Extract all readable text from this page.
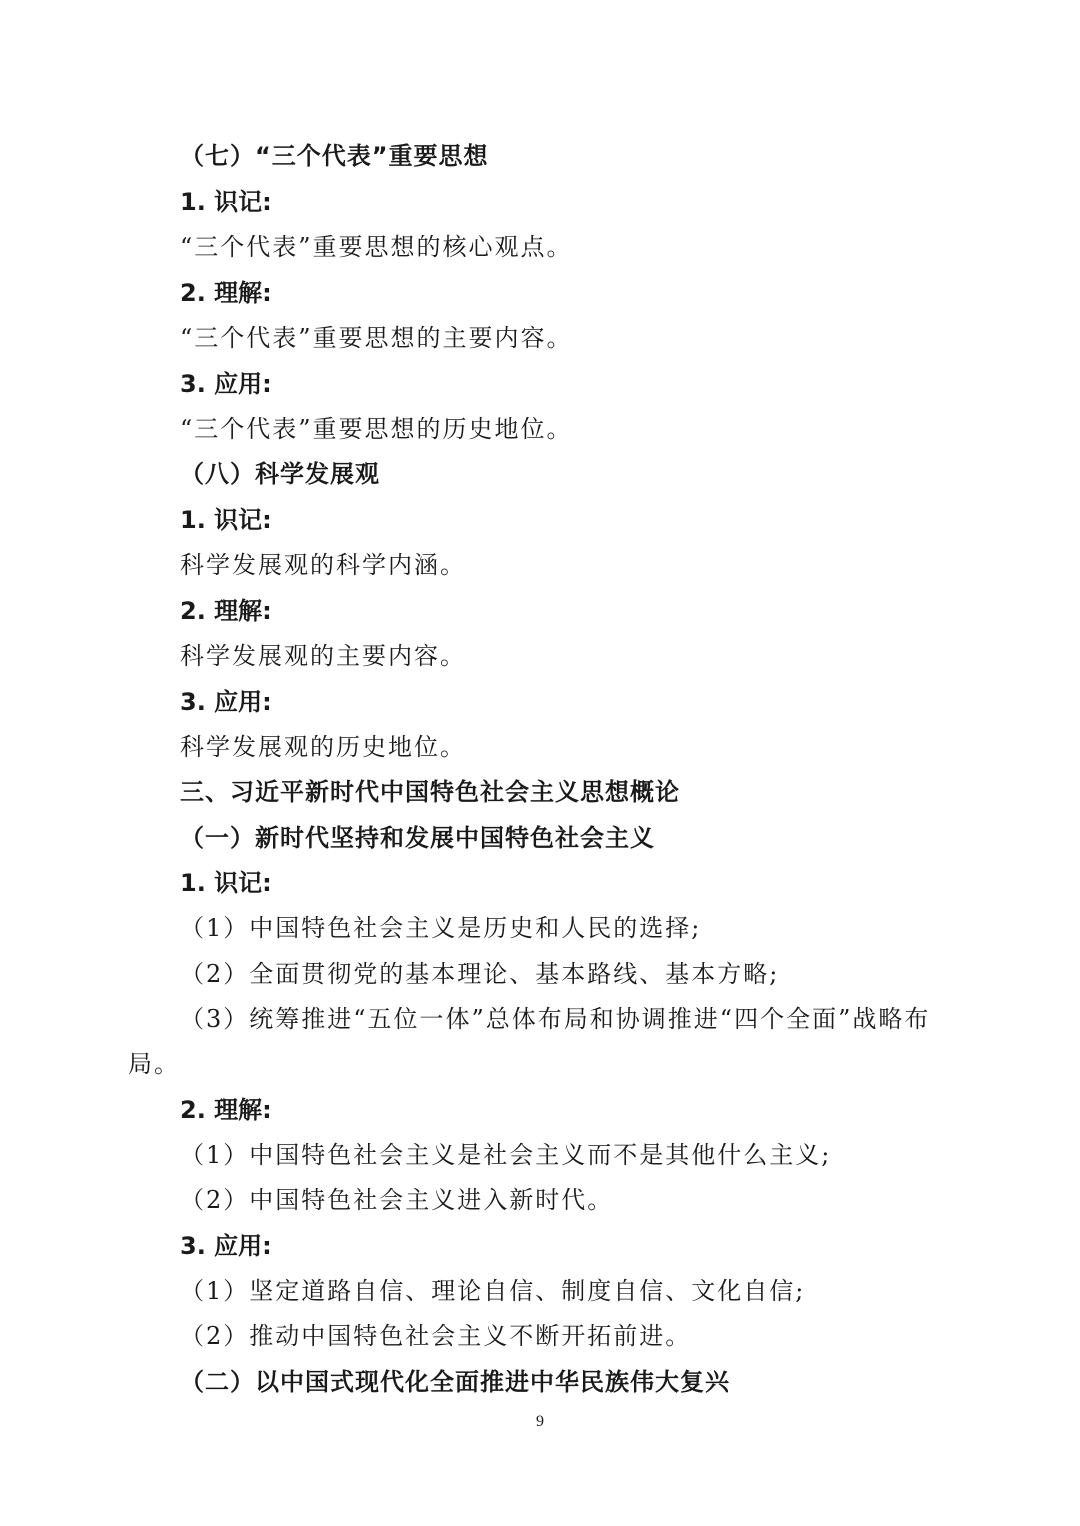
（七）“三个代表”重要思想
1. 识记:
“三个代表”重要思想的核心观点。
2. 理解:
“三个代表”重要思想的主要内容。
3. 应用:
“三个代表”重要思想的历史地位。
（八）科学发展观
1. 识记:
科学发展观的科学内涵。
2. 理解:
科学发展观的主要内容。
3. 应用:
科学发展观的历史地位。
三、习近平新时代中国特色社会主义思想概论
（一）新时代坚持和发展中国特色社会主义
1. 识记:
（1）中国特色社会主义是历史和人民的选择;
（2）全面贯彻党的基本理论、基本路线、基本方略;
（3）统筹推进“五位一体”总体布局和协调推进“四个全面”战略布
局。
2. 理解:
（1）中国特色社会主义是社会主义而不是其他什么主义;
（2）中国特色社会主义进入新时代。
3. 应用:
（1）坚定道路自信、理论自信、制度自信、文化自信;
（2）推动中国特色社会主义不断开拓前进。
（二）以中国式现代化全面推进中华民族伟大复兴
9
